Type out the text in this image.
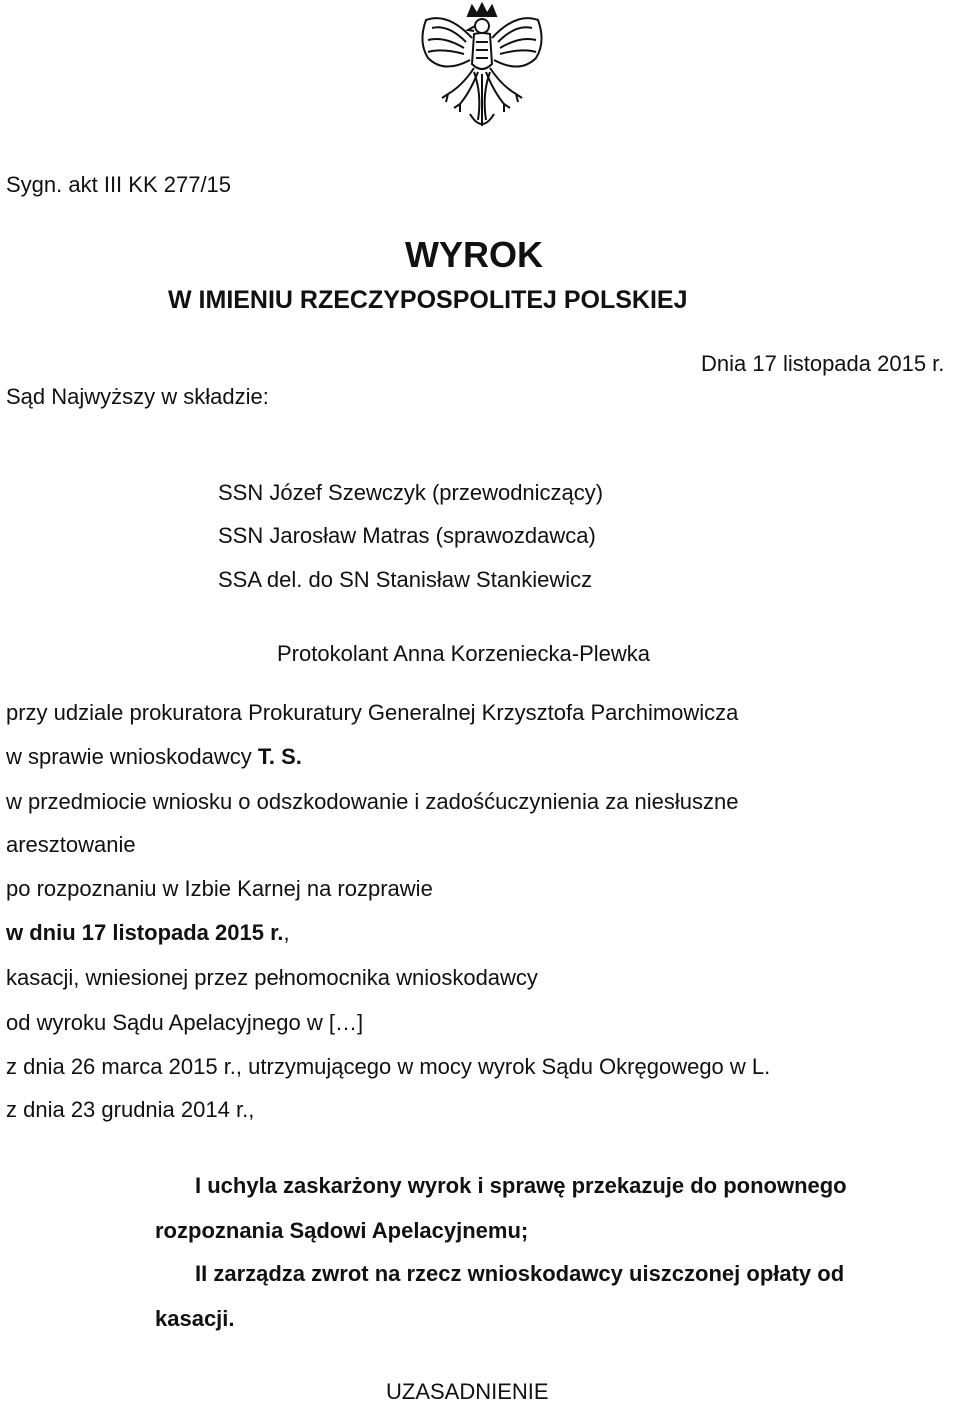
Sygn. akt III KK 277/15
WYROK
W IMIENIU RZECZYPOSPOLITEJ POLSKIEJ
Dnia 17 listopada 2015 r.
Sąd Najwyższy w składzie:
SSN Józef Szewczyk (przewodniczący)
SSN Jarosław Matras (sprawozdawca)
SSA del. do SN Stanisław Stankiewicz
Protokolant Anna Korzeniecka-Plewka
przy udziale prokuratora Prokuratury Generalnej Krzysztofa Parchimowicza
w sprawie wnioskodawcy T. S.
w przedmiocie wniosku o odszkodowanie i zadośćuczynienia za niesłuszne
aresztowanie
po rozpoznaniu w Izbie Karnej na rozprawie
w dniu 17 listopada 2015 r.,
kasacji, wniesionej przez pełnomocnika wnioskodawcy
od wyroku Sądu Apelacyjnego w […]
z dnia 26 marca 2015 r., utrzymującego w mocy wyrok Sądu Okręgowego w L.
z dnia 23 grudnia 2014 r.,
I uchyla zaskarżony wyrok i sprawę przekazuje do ponownego
rozpoznania Sądowi Apelacyjnemu;
II zarządza zwrot na rzecz wnioskodawcy uiszczonej opłaty od
kasacji.
UZASADNIENIE
